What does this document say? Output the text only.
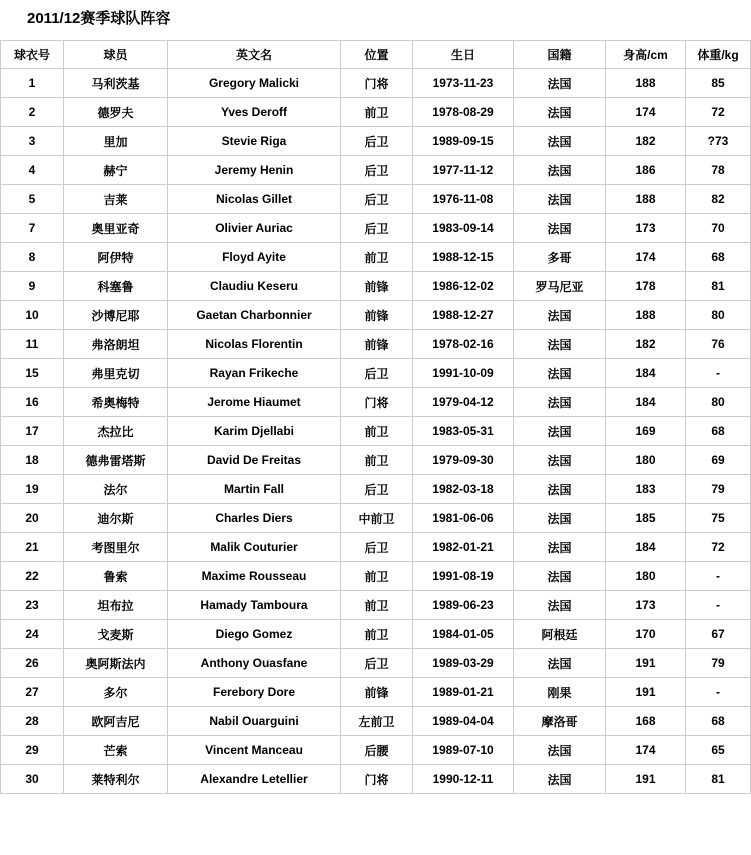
2011/12赛季球队阵容
球衣号	球员	英文名	位置	生日	国籍	身高/cm	体重/kg
1	马利茨基	Gregory Malicki	门将	1973-11-23	法国	188	85
2	德罗夫	Yves Deroff	前卫	1978-08-29	法国	174	72
3	里加	Stevie Riga	后卫	1989-09-15	法国	182	?73
4	赫宁	Jeremy Henin	后卫	1977-11-12	法国	186	78
5	吉莱	Nicolas Gillet	后卫	1976-11-08	法国	188	82
7	奥里亚奇	Olivier Auriac	后卫	1983-09-14	法国	173	70
8	阿伊特	Floyd Ayite	前卫	1988-12-15	多哥	174	68
9	科塞鲁	Claudiu Keseru	前锋	1986-12-02	罗马尼亚	178	81
10	沙博尼耶	Gaetan Charbonnier	前锋	1988-12-27	法国	188	80
11	弗洛朗坦	Nicolas Florentin	前锋	1978-02-16	法国	182	76
15	弗里克切	Rayan Frikeche	后卫	1991-10-09	法国	184	-
16	希奥梅特	Jerome Hiaumet	门将	1979-04-12	法国	184	80
17	杰拉比	Karim Djellabi	前卫	1983-05-31	法国	169	68
18	德弗雷塔斯	David De Freitas	前卫	1979-09-30	法国	180	69
19	法尔	Martin Fall	后卫	1982-03-18	法国	183	79
20	迪尔斯	Charles Diers	中前卫	1981-06-06	法国	185	75
21	考图里尔	Malik Couturier	后卫	1982-01-21	法国	184	72
22	鲁索	Maxime Rousseau	前卫	1991-08-19	法国	180	-
23	坦布拉	Hamady Tamboura	前卫	1989-06-23	法国	173	-
24	戈麦斯	Diego Gomez	前卫	1984-01-05	阿根廷	170	67
26	奥阿斯法内	Anthony Ouasfane	后卫	1989-03-29	法国	191	79
27	多尔	Ferebory Dore	前锋	1989-01-21	刚果	191	-
28	欧阿吉尼	Nabil Ouarguini	左前卫	1989-04-04	摩洛哥	168	68
29	芒索	Vincent Manceau	后腰	1989-07-10	法国	174	65
30	莱特利尔	Alexandre Letellier	门将	1990-12-11	法国	191	81
